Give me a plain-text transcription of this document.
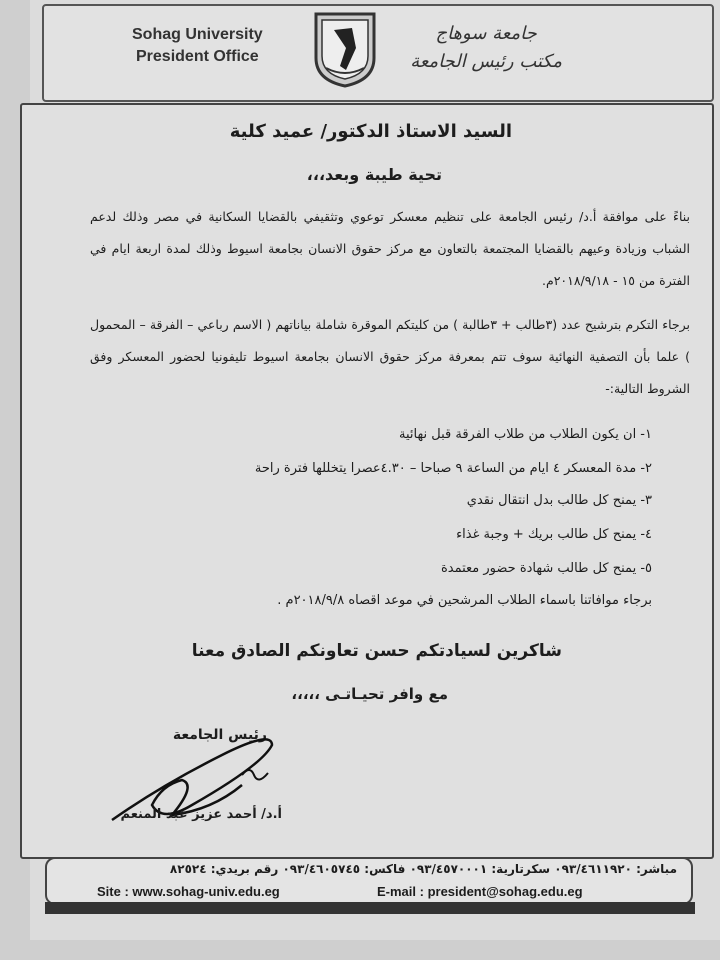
Sohag University
President Office
جامعة سوهاج
مكتب رئيس الجامعة
السيد الاستاذ الدكتور/ عميد كلية
تحية طيبة وبعد،،،
بناءً على موافقة أ.د/ رئيس الجامعة على تنظيم معسكر توعوي وتثقيفي بالقضايا السكانية في مصر وذلك لدعم الشباب وزيادة وعيهم بالقضايا المجتمعة بالتعاون مع مركز حقوق الانسان بجامعة اسيوط وذلك لمدة اربعة ايام في الفترة من ١٥ - ٢٠١٨/٩/١٨م.
برجاء التكرم بترشيح عدد (٣طالب + ٣طالبة ) من كليتكم الموقرة شاملة بياناتهم ( الاسم رباعي – الفرقة – المحمول ) علما بأن التصفية النهائية سوف تتم بمعرفة مركز حقوق الانسان بجامعة اسيوط تليفونيا لحضور المعسكر وفق الشروط التالية:-
١- ان يكون الطلاب من طلاب الفرقة قبل نهائية
٢- مدة المعسكر ٤ ايام من الساعة ٩ صباحا – ٤.٣٠عصرا يتخللها فترة راحة
٣- يمنح كل طالب بدل انتقال نقدي
٤- يمنح كل طالب بريك + وجبة غذاء
٥- يمنح كل طالب شهادة حضور معتمدة
برجاء موافاتنا باسماء الطلاب المرشحين في موعد اقصاه ٢٠١٨/٩/٨م .
شاكرين لسيادتكم حسن تعاونكم الصادق معنا
مع وافر تحيـاتـى ،،،،،
رئيس الجامعة
أ.د/ أحمد عزيز عبد المنعم
مباشر: ٠٩٣/٤٦١١٩٢٠ سكرتارية: ٠٩٣/٤٥٧٠٠٠١ فاكس: ٠٩٣/٤٦٠٥٧٤٥ رقم بريدي: ٨٢٥٢٤
Site : www.sohag-univ.edu.eg	E-mail : president@sohag.edu.eg
